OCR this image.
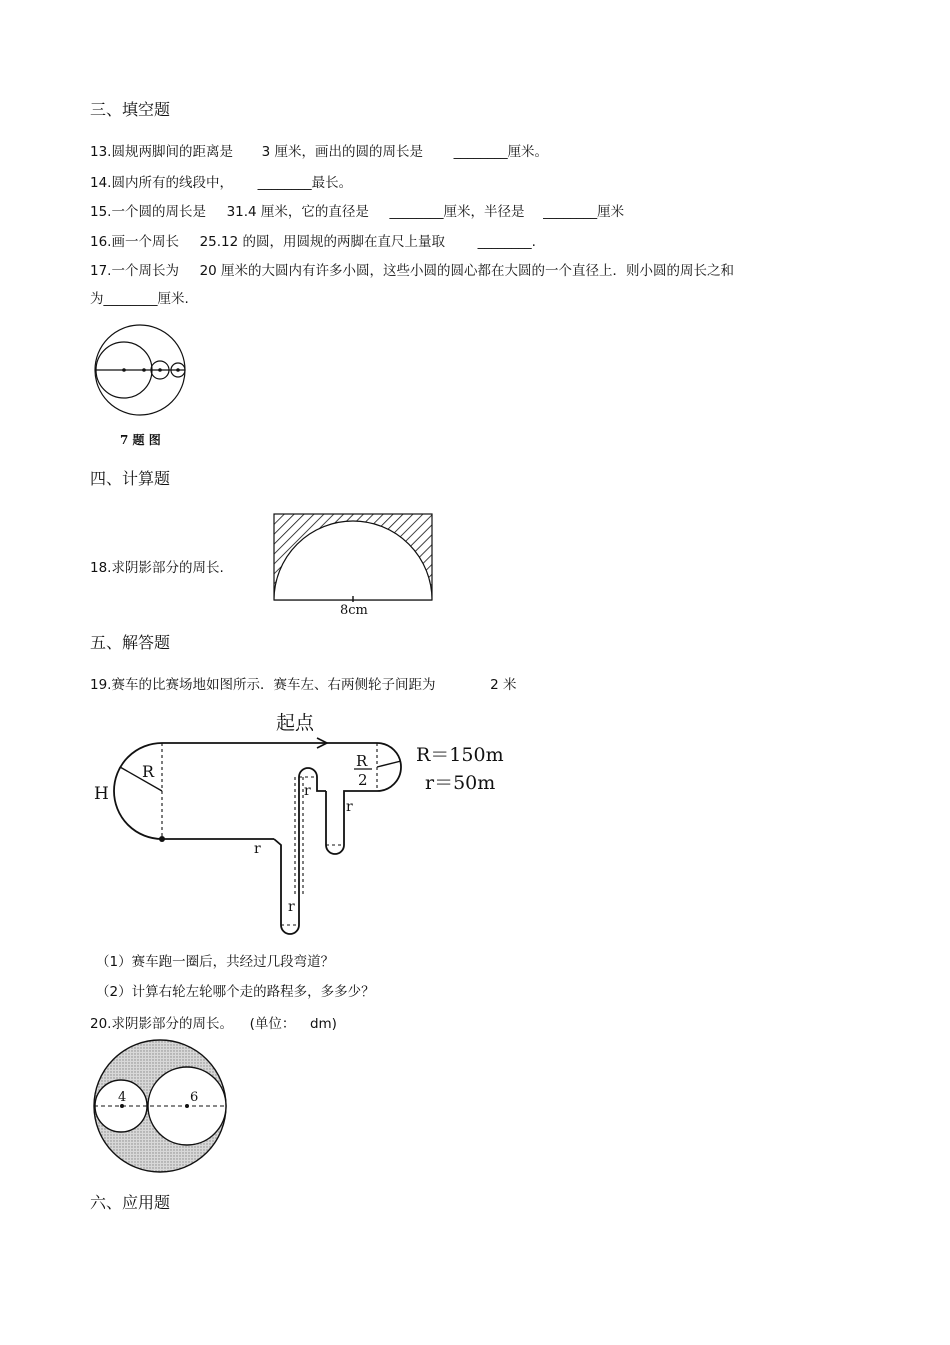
三、填空题
13.圆规两脚间的距离是 3 厘米，画出的圆的周长是 ________厘米。
14.圆内所有的线段中， ________最长。
15.一个圆的周长是 31.4 厘米，它的直径是 ________厘米，半径是 ________厘米
16.画一个周长 25.12 的圆，用圆规的两脚在直尺上量取 ________.
17.一个周长为 20 厘米的大圆内有许多小圆，这些小圆的圆心都在大圆的一个直径上．则小圆的周长之和
为________厘米.
7 题 图
四、计算题
18.求阴影部分的周长.
8cm
五、解答题
19.赛车的比赛场地如图所示．赛车左、右两侧轮子间距为	2 米
起点
R
H
R
2
r
r
r
r
R＝150m
r＝50m
（1）赛车跑一圈后，共经过几段弯道？
（2）计算右轮左轮哪个走的路程多，多多少？
20.求阴影部分的周长。 (单位： dm)
4	6
六、应用题
